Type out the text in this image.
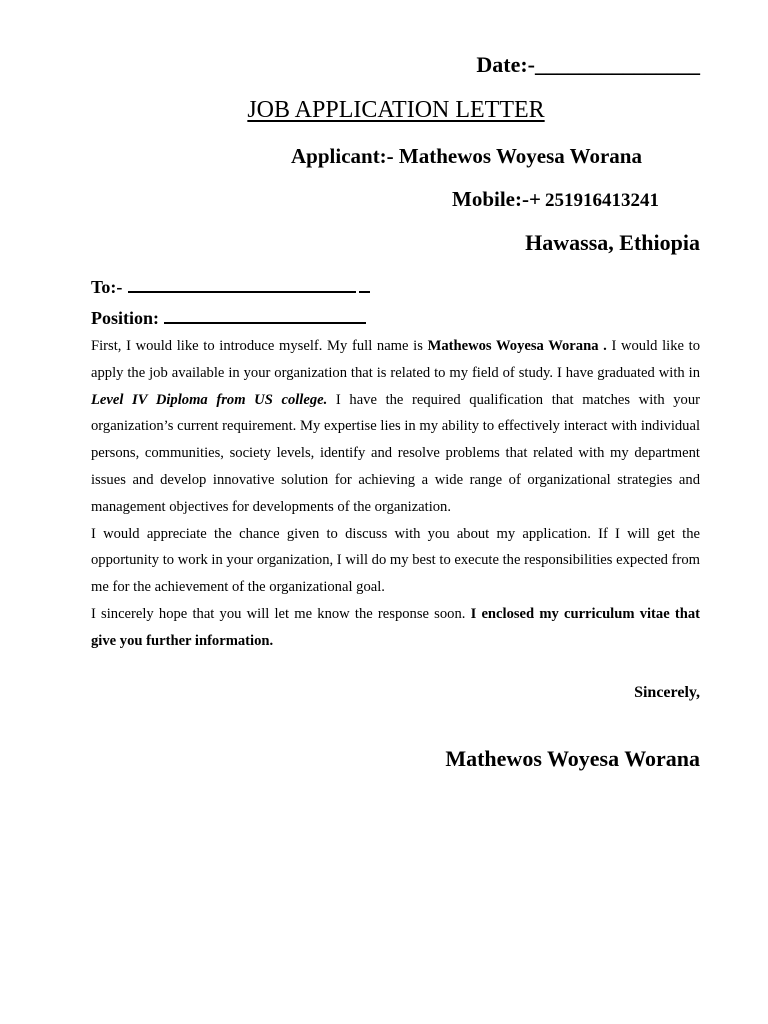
Date:-_______________
JOB APPLICATION LETTER
Applicant:- Mathewos Woyesa Worana
Mobile:-+ 251916413241
Hawassa, Ethiopia
To:-
Position:

First, I would like to introduce myself. My full name is Mathewos Woyesa Worana . I would like to apply the job available in your organization that is related to my field of study. I have graduated with in Level IV Diploma from US college. I have the required qualification that matches with your organization’s current requirement. My expertise lies in my ability to effectively interact with individual persons, communities, society levels, identify and resolve problems that related with my department issues and develop innovative solution for achieving a wide range of organizational strategies and management objectives for developments of the organization.

I would appreciate the chance given to discuss with you about my application. If I will get the opportunity to work in your organization, I will do my best to execute the responsibilities expected from me for the achievement of the organizational goal.

I sincerely hope that you will let me know the response soon. I enclosed my curriculum vitae that give you further information.

Sincerely,
Mathewos Woyesa Worana
